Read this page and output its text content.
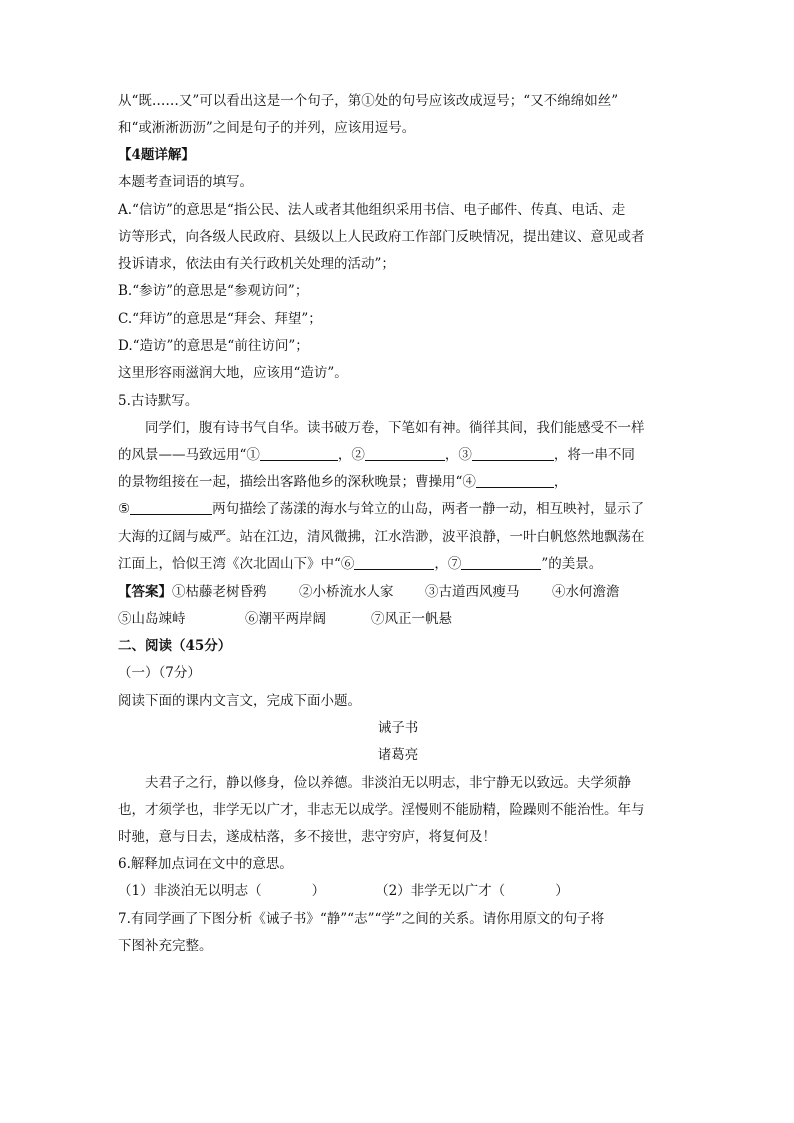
从“既……又”可以看出这是一个句子，第①处的句号应该改成逗号；“又不绵绵如丝”
和“或淅淅沥沥”之间是句子的并列，应该用逗号。
【4题详解】
本题考查词语的填写。
A.“信访”的意思是“指公民、法人或者其他组织采用书信、电子邮件、传真、电话、走
访等形式，向各级人民政府、县级以上人民政府工作部门反映情况，提出建议、意见或者
投诉请求，依法由有关行政机关处理的活动”；
B.“参访”的意思是“参观访问”；
C.“拜访”的意思是“拜会、拜望”；
D.“造访”的意思是“前往访问”；
这里形容雨滋润大地，应该用“造访”。
5.古诗默写。
同学们，腹有诗书气自华。读书破万卷，下笔如有神。徜徉其间，我们能感受不一样
的风景——马致远用“①	，②	，③	，将一串不同
的景物组接在一起，描绘出客路他乡的深秋晚景；曹操用“④	，
⑤	两句描绘了荡漾的海水与耸立的山岛，两者一静一动，相互映衬，显示了
大海的辽阔与威严。站在江边，清风微拂，江水浩渺，波平浪静，一叶白帆悠然地飘荡在
江面上，恰似王湾《次北固山下》中“⑥	，⑦	”的美景。
【答案】①枯藤老树昏鸦 ②小桥流水人家 ③古道西风瘦马 ④水何澹澹
⑤山岛竦峙	⑥潮平两岸阔	⑦风正一帆悬
二、阅读（45分）
（一）（7分）
阅读下面的课内文言文，完成下面小题。
诫子书
诸葛亮
夫君子之行，静以修身，俭以养德。非淡泊无以明志，非宁静无以致远。夫学须静
也，才须学也，非学无以广才，非志无以成学。淫慢则不能励精，险躁则不能治性。年与
时驰，意与日去，遂成枯落，多不接世，悲守穷庐，将复何及！
6.解释加点词在文中的意思。
（1）非淡泊无以明志（	）	（2）非学无以广才（	）
7.有同学画了下图分析《诫子书》“静”“志”“学”之间的关系。请你用原文的句子将
下图补充完整。
